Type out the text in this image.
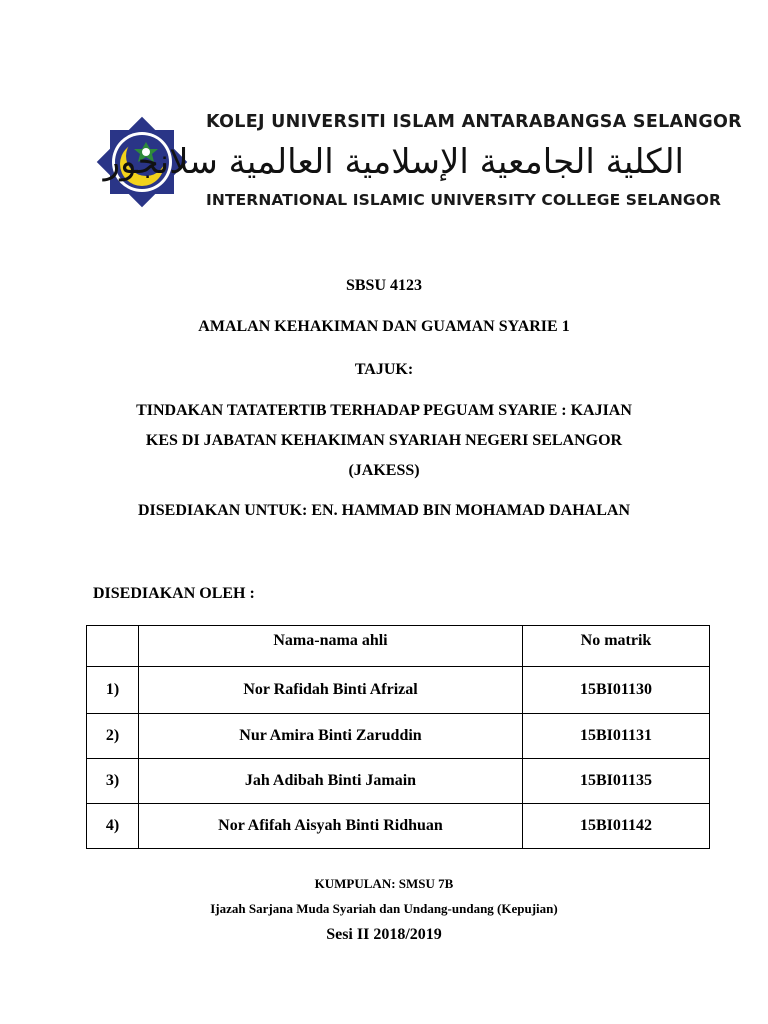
KOLEJ UNIVERSITI ISLAM ANTARABANGSA SELANGOR
الكلية الجامعية الإسلامية العالمية سلانجور
INTERNATIONAL ISLAMIC UNIVERSITY COLLEGE SELANGOR
SBSU 4123
AMALAN KEHAKIMAN DAN GUAMAN SYARIE 1
TAJUK:
TINDAKAN TATATERTIB TERHADAP PEGUAM SYARIE : KAJIAN
KES DI JABATAN KEHAKIMAN SYARIAH NEGERI SELANGOR
(JAKESS)
DISEDIAKAN UNTUK: EN. HAMMAD BIN MOHAMAD DAHALAN
DISEDIAKAN OLEH :
	Nama-nama ahli	No matrik
1)	Nor Rafidah Binti Afrizal	15BI01130
2)	Nur Amira Binti Zaruddin	15BI01131
3)	Jah Adibah Binti Jamain	15BI01135
4)	Nor Afifah Aisyah Binti Ridhuan	15BI01142
KUMPULAN: SMSU 7B
Ijazah Sarjana Muda Syariah dan Undang-undang (Kepujian)
Sesi II 2018/2019
